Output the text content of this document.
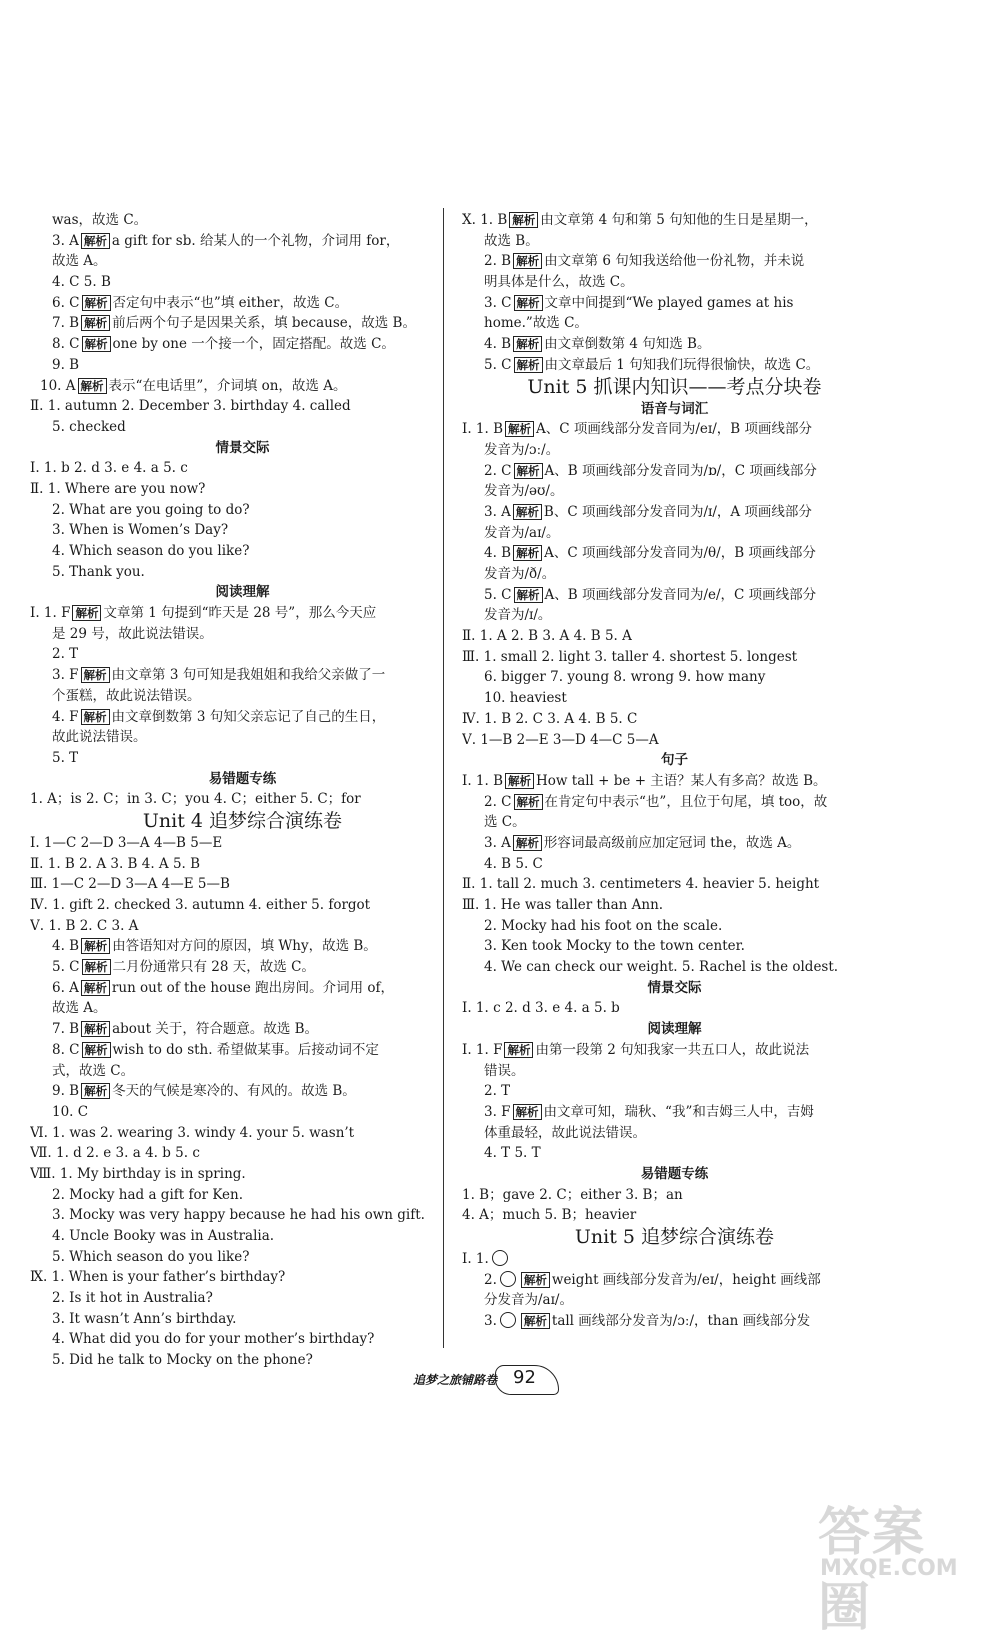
was，故选 C。
3. A 解析 a gift for sb. 给某人的一个礼物，介词用 for，
故选 A。
4. C 5. B
6. C 解析 否定句中表示“也”填 either，故选 C。
7. B 解析 前后两个句子是因果关系，填 because，故选 B。
8. C 解析 one by one 一个接一个，固定搭配。故选 C。
9. B
10. A 解析 表示“在电话里”，介词填 on，故选 A。
Ⅱ. 1. autumn 2. December 3. birthday 4. called
5. checked
情景交际
Ⅰ. 1. b 2. d 3. e 4. a 5. c
Ⅱ. 1. Where are you now?
2. What are you going to do?
3. When is Women’s Day?
4. Which season do you like?
5. Thank you.
阅读理解
Ⅰ. 1. F 解析 文章第 1 句提到“昨天是 28 号”，那么今天应
是 29 号，故此说法错误。
2. T
3. F 解析 由文章第 3 句可知是我姐姐和我给父亲做了一
个蛋糕，故此说法错误。
4. F 解析 由文章倒数第 3 句知父亲忘记了自己的生日，
故此说法错误。
5. T
易错题专练
1. A；is 2. C；in 3. C；you 4. C；either 5. C；for
Unit 4 追梦综合演练卷
Ⅰ. 1—C 2—D 3—A 4—B 5—E
Ⅱ. 1. B 2. A 3. B 4. A 5. B
Ⅲ. 1—C 2—D 3—A 4—E 5—B
Ⅳ. 1. gift 2. checked 3. autumn 4. either 5. forgot
Ⅴ. 1. B 2. C 3. A
4. B 解析 由答语知对方问的原因，填 Why，故选 B。
5. C 解析 二月份通常只有 28 天，故选 C。
6. A 解析 run out of the house 跑出房间。介词用 of，
故选 A。
7. B 解析 about 关于，符合题意。故选 B。
8. C 解析 wish to do sth. 希望做某事。后接动词不定
式，故选 C。
9. B 解析 冬天的气候是寒冷的、有风的。故选 B。
10. C
Ⅵ. 1. was 2. wearing 3. windy 4. your 5. wasn’t
Ⅶ. 1. d 2. e 3. a 4. b 5. c
Ⅷ. 1. My birthday is in spring.
2. Mocky had a gift for Ken.
3. Mocky was very happy because he had his own gift.
4. Uncle Booky was in Australia.
5. Which season do you like?
Ⅸ. 1. When is your father’s birthday?
2. Is it hot in Australia?
3. It wasn’t Ann’s birthday.
4. What did you do for your mother’s birthday?
5. Did he talk to Mocky on the phone?
Ⅹ. 1. B 解析 由文章第 4 句和第 5 句知他的生日是星期一，
故选 B。
2. B 解析 由文章第 6 句知我送给他一份礼物，并未说
明具体是什么，故选 C。
3. C 解析 文章中间提到“We played games at his
home.”故选 C。
4. B 解析 由文章倒数第 4 句知选 B。
5. C 解析 由文章最后 1 句知我们玩得很愉快，故选 C。
Unit 5 抓课内知识——考点分块卷
语音与词汇
Ⅰ. 1. B 解析 A、C 项画线部分发音同为/eɪ/，B 项画线部分
发音为/ɔː/。
2. C 解析 A、B 项画线部分发音同为/ɒ/，C 项画线部分
发音为/əʊ/。
3. A 解析 B、C 项画线部分发音同为/ɪ/，A 项画线部分
发音为/aɪ/。
4. B 解析 A、C 项画线部分发音同为/θ/，B 项画线部分
发音为/ð/。
5. C 解析 A、B 项画线部分发音同为/e/，C 项画线部分
发音为/ɪ/。
Ⅱ. 1. A 2. B 3. A 4. B 5. A
Ⅲ. 1. small 2. light 3. taller 4. shortest 5. longest
6. bigger 7. young 8. wrong 9. how many
10. heaviest
Ⅳ. 1. B 2. C 3. A 4. B 5. C
Ⅴ. 1—B 2—E 3—D 4—C 5—A
句子
Ⅰ. 1. B 解析 How tall + be + 主语？某人有多高？故选 B。
2. C 解析 在肯定句中表示“也”，且位于句尾，填 too，故
选 C。
3. A 解析 形容词最高级前应加定冠词 the，故选 A。
4. B 5. C
Ⅱ. 1. tall 2. much 3. centimeters 4. heavier 5. height
Ⅲ. 1. He was taller than Ann.
2. Mocky had his foot on the scale.
3. Ken took Mocky to the town center.
4. We can check our weight. 5. Rachel is the oldest.
情景交际
Ⅰ. 1. c 2. d 3. e 4. a 5. b
阅读理解
Ⅰ. 1. F 解析 由第一段第 2 句知我家一共五口人，故此说法
错误。
2. T
3. F 解析 由文章可知，瑞秋、“我”和吉姆三人中，吉姆
体重最轻，故此说法错误。
4. T 5. T
易错题专练
1. B；gave 2. C；either 3. B；an
4. A；much 5. B；heavier
Unit 5 追梦综合演练卷
Ⅰ. 1.
2. 解析 weight 画线部分发音为/eɪ/，height 画线部
分发音为/aɪ/。
3. 解析 tall 画线部分发音为/ɔː/，than 画线部分发
追梦之旅铺路卷 92
答案圈
MXQE.COM
